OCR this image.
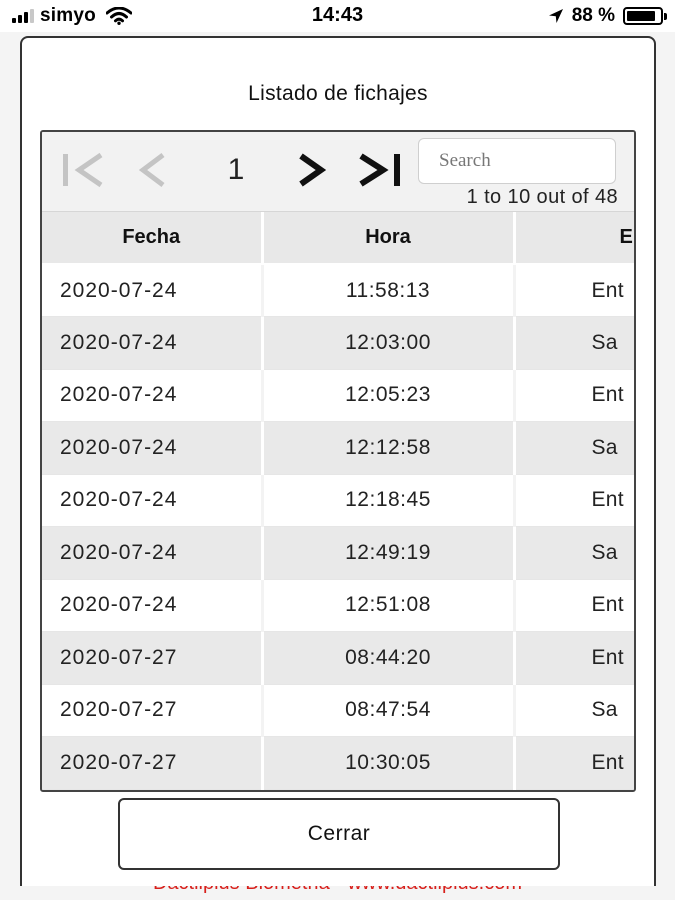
simyo	14:43	88 %
Listado de fichajes
1
Search
1 to 10 out of 48
Fecha	Hora	E
2020-07-24	11:58:13	Ent
2020-07-24	12:03:00	Sa
2020-07-24	12:05:23	Ent
2020-07-24	12:12:58	Sa
2020-07-24	12:18:45	Ent
2020-07-24	12:49:19	Sa
2020-07-24	12:51:08	Ent
2020-07-27	08:44:20	Ent
2020-07-27	08:47:54	Sa
2020-07-27	10:30:05	Ent
Cerrar
